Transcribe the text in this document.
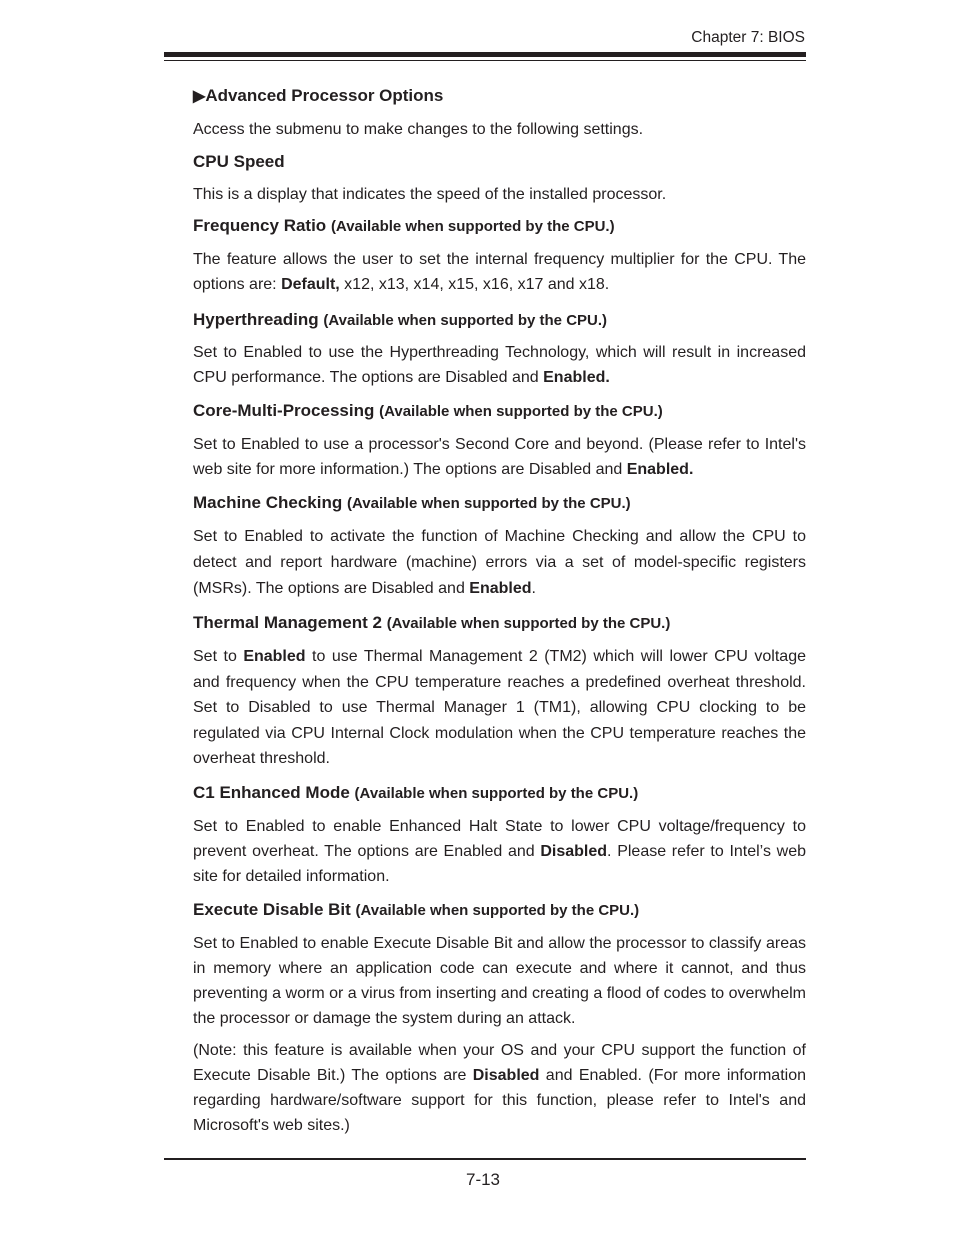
Chapter 7: BIOS
▶Advanced Processor Options

Access the submenu to make changes to the following settings.

CPU Speed

This is a display that indicates the speed of the installed processor.

Frequency Ratio (Available when supported by the CPU.)

The feature allows the user to set the internal frequency multiplier for the CPU. The options are: Default, x12, x13, x14, x15, x16, x17 and x18.

Hyperthreading (Available when supported by the CPU.)

Set to Enabled to use the Hyperthreading Technology, which will result in increased CPU performance. The options are Disabled and Enabled.

Core-Multi-Processing (Available when supported by the CPU.)

Set to Enabled to use a processor's Second Core and beyond. (Please refer to Intel's web site for more information.) The options are Disabled and Enabled.

Machine Checking (Available when supported by the CPU.)

Set to Enabled to activate the function of Machine Checking and allow the CPU to detect and report hardware (machine) errors via a set of model-specific registers (MSRs). The options are Disabled and Enabled.

Thermal Management 2 (Available when supported by the CPU.)

Set to Enabled to use Thermal Management 2 (TM2) which will lower CPU voltage and frequency when the CPU temperature reaches a predefined overheat threshold. Set to Disabled to use Thermal Manager 1 (TM1), allowing CPU clocking to be regulated via CPU Internal Clock modulation when the CPU temperature reaches the overheat threshold.

C1 Enhanced Mode (Available when supported by the CPU.)

Set to Enabled to enable Enhanced Halt State to lower CPU voltage/frequency to prevent overheat. The options are Enabled and Disabled. Please refer to Intel’s web site for detailed information.

Execute Disable Bit (Available when supported by the CPU.)

Set to Enabled to enable Execute Disable Bit and allow the processor to classify areas in memory where an application code can execute and where it cannot, and thus preventing a worm or a virus from inserting and creating a flood of codes to overwhelm the processor or damage the system during an attack.

(Note: this feature is available when your OS and your CPU support the function of Execute Disable Bit.) The options are Disabled and Enabled. (For more information regarding hardware/software support for this function, please refer to Intel's and Microsoft's web sites.)

7-13
